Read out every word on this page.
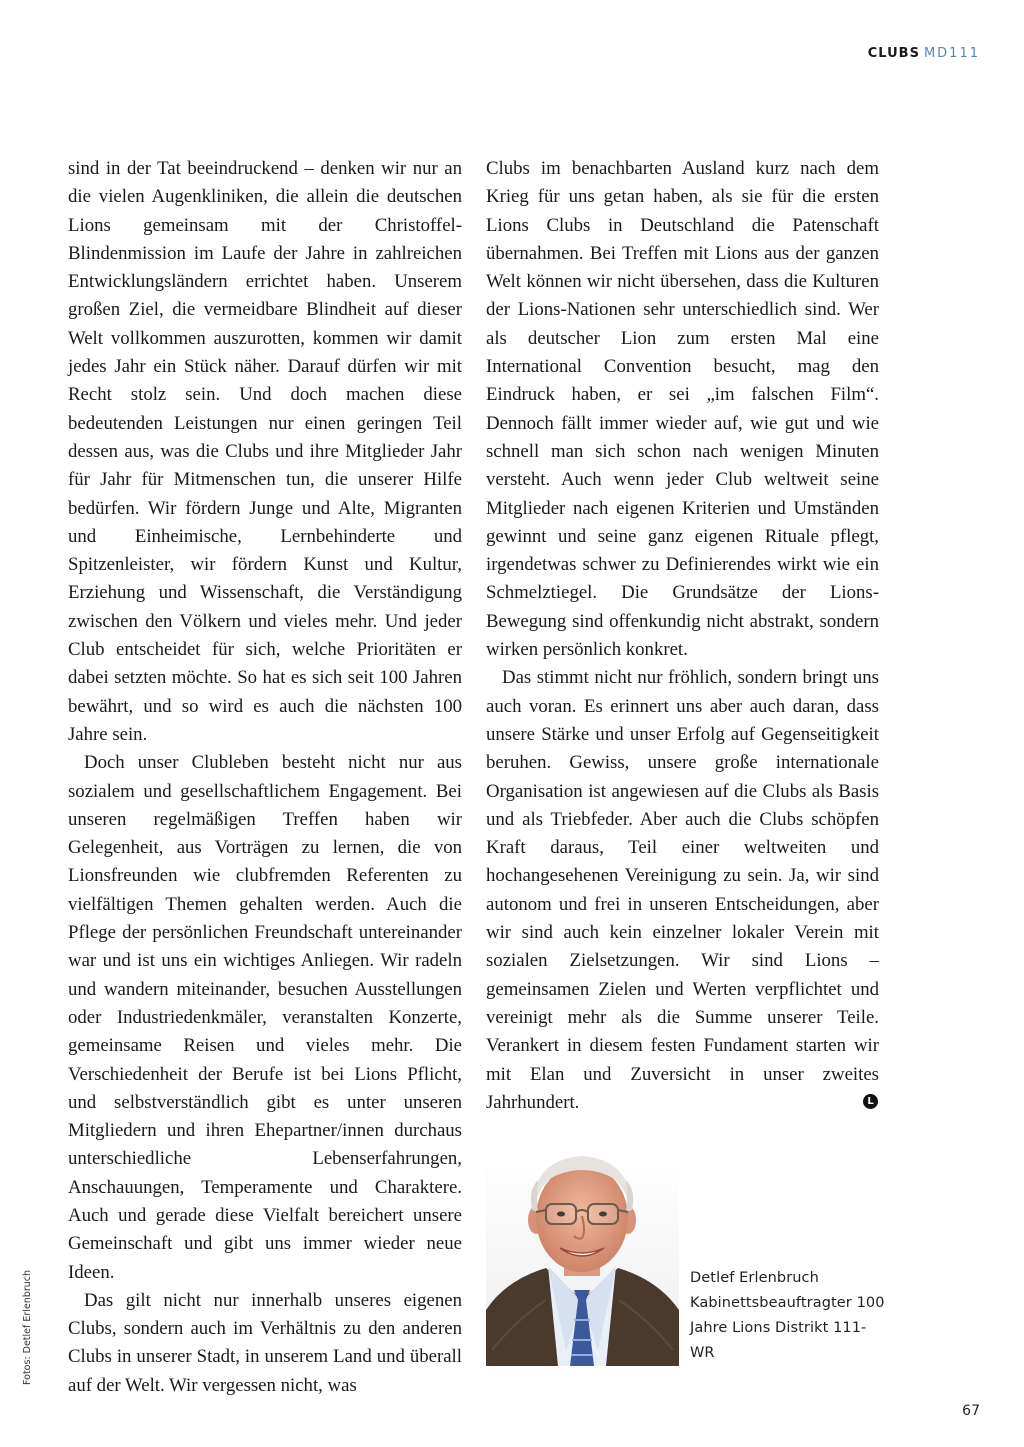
CLUBS MD111

sind in der Tat beeindruckend – denken wir nur an die vielen Augenkliniken, die allein die deutschen Lions gemeinsam mit der Christoffel-Blindenmission im Laufe der Jahre in zahlreichen Entwicklungsländern errichtet haben. Unserem großen Ziel, die vermeidbare Blindheit auf dieser Welt vollkommen auszurotten, kommen wir damit jedes Jahr ein Stück näher. Darauf dürfen wir mit Recht stolz sein. Und doch machen diese bedeutenden Leistungen nur einen geringen Teil dessen aus, was die Clubs und ihre Mitglieder Jahr für Jahr für Mitmenschen tun, die unserer Hilfe bedürfen. Wir fördern Junge und Alte, Migranten und Einheimische, Lernbehinderte und Spitzenleister, wir fördern Kunst und Kultur, Erziehung und Wissenschaft, die Verständigung zwischen den Völkern und vieles mehr. Und jeder Club entscheidet für sich, welche Prioritäten er dabei setzten möchte. So hat es sich seit 100 Jahren bewährt, und so wird es auch die nächsten 100 Jahre sein.

Doch unser Clubleben besteht nicht nur aus sozialem und gesellschaftlichem Engagement. Bei unseren regelmäßigen Treffen haben wir Gelegenheit, aus Vorträgen zu lernen, die von Lionsfreunden wie clubfremden Referenten zu vielfältigen Themen gehalten werden. Auch die Pflege der persönlichen Freundschaft untereinander war und ist uns ein wichtiges Anliegen. Wir radeln und wandern miteinander, besuchen Ausstellungen oder Industriedenkmäler, veranstalten Konzerte, gemeinsame Reisen und vieles mehr. Die Verschiedenheit der Berufe ist bei Lions Pflicht, und selbstverständlich gibt es unter unseren Mitgliedern und ihren Ehepartner/innen durchaus unterschiedliche Lebenserfahrungen, Anschauungen, Temperamente und Charaktere. Auch und gerade diese Vielfalt bereichert unsere Gemeinschaft und gibt uns immer wieder neue Ideen.

Das gilt nicht nur innerhalb unseres eigenen Clubs, sondern auch im Verhältnis zu den anderen Clubs in unserer Stadt, in unserem Land und überall auf der Welt. Wir vergessen nicht, was

Clubs im benachbarten Ausland kurz nach dem Krieg für uns getan haben, als sie für die ersten Lions Clubs in Deutschland die Patenschaft übernahmen. Bei Treffen mit Lions aus der ganzen Welt können wir nicht übersehen, dass die Kulturen der Lions-Nationen sehr unterschiedlich sind. Wer als deutscher Lion zum ersten Mal eine International Convention besucht, mag den Eindruck haben, er sei „im falschen Film“. Dennoch fällt immer wieder auf, wie gut und wie schnell man sich schon nach wenigen Minuten versteht. Auch wenn jeder Club weltweit seine Mitglieder nach eigenen Kriterien und Umständen gewinnt und seine ganz eigenen Rituale pflegt, irgendetwas schwer zu Definierendes wirkt wie ein Schmelztiegel. Die Grundsätze der Lions-Bewegung sind offenkundig nicht abstrakt, sondern wirken persönlich konkret.

Das stimmt nicht nur fröhlich, sondern bringt uns auch voran. Es erinnert uns aber auch daran, dass unsere Stärke und unser Erfolg auf Gegenseitigkeit beruhen. Gewiss, unsere große internationale Organisation ist angewiesen auf die Clubs als Basis und als Triebfeder. Aber auch die Clubs schöpfen Kraft daraus, Teil einer weltweiten und hochangesehenen Vereinigung zu sein. Ja, wir sind autonom und frei in unseren Entscheidungen, aber wir sind auch kein einzelner lokaler Verein mit sozialen Zielsetzungen. Wir sind Lions – gemeinsamen Zielen und Werten verpflichtet und vereinigt mehr als die Summe unserer Teile. Verankert in diesem festen Fundament starten wir mit Elan und Zuversicht in unser zweites Jahrhundert.	L
Detlef Erlenbruch Kabinettsbeauftragter 100 Jahre Lions Distrikt 111-WR
Fotos: Detlef Erlenbruch
67
